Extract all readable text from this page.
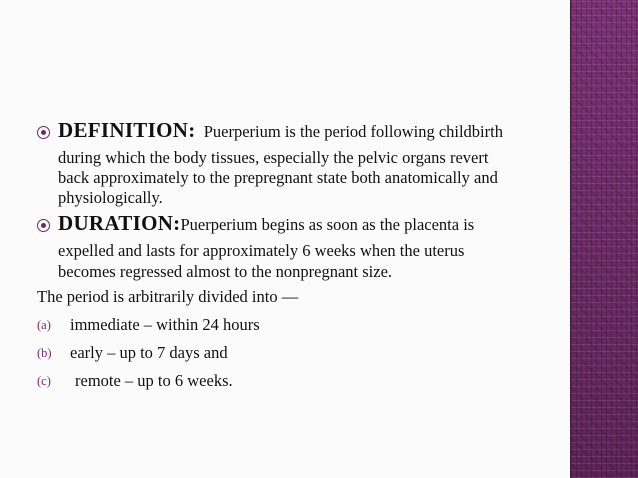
DEFINITION:  Puerperium is the period following childbirth
during which the body tissues, especially the pelvic organs revert
back approximately to the prepregnant state both anatomically and
physiologically.
DURATION:Puerperium begins as soon as the placenta is
expelled and lasts for approximately 6 weeks when the uterus
becomes regressed almost to the nonpregnant size.
The period is arbitrarily divided into —
(a) immediate – within 24 hours
(b) early – up to 7 days and
(c) remote – up to 6 weeks.
